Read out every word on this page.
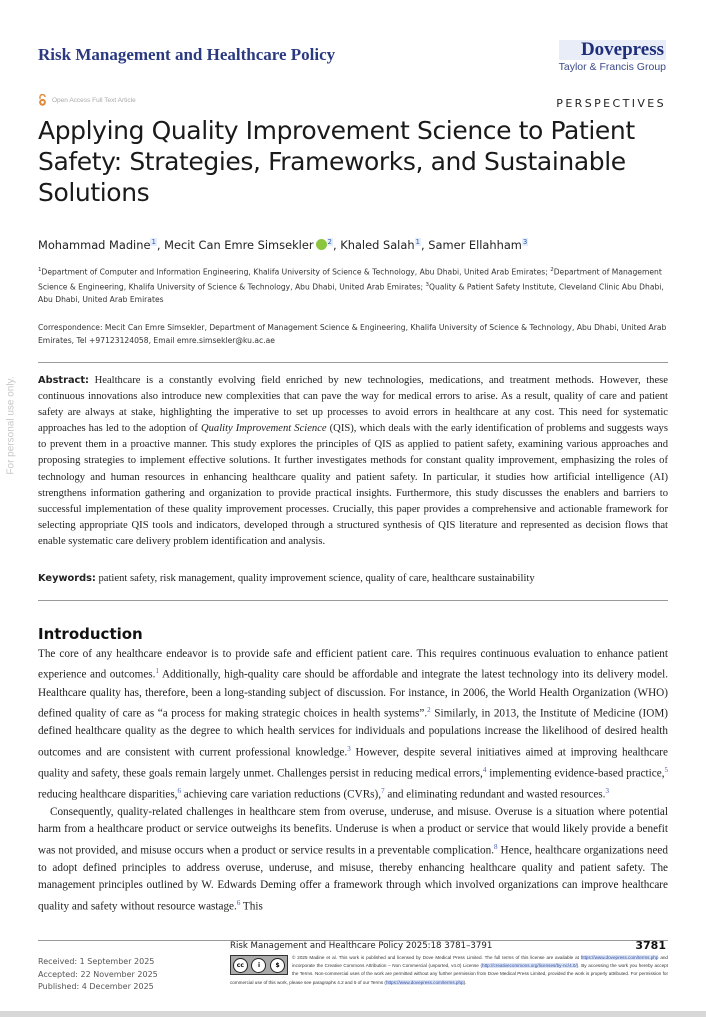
For personal use only.
Risk Management and Healthcare Policy	Dovepress
Taylor & Francis Group
Open Access Full Text Article	PERSPECTIVES
Applying Quality Improvement Science to Patient Safety: Strategies, Frameworks, and Sustainable Solutions
Mohammad Madine$^1$, Mecit Can Emre Simsekler $^2$, Khaled Salah$^1$, Samer Ellahham$^3$
$^1$Department of Computer and Information Engineering, Khalifa University of Science & Technology, Abu Dhabi, United Arab Emirates; $^2$Department of Management Science & Engineering, Khalifa University of Science & Technology, Abu Dhabi, United Arab Emirates; $^3$Quality & Patient Safety Institute, Cleveland Clinic Abu Dhabi, Abu Dhabi, United Arab Emirates
Correspondence: Mecit Can Emre Simsekler, Department of Management Science & Engineering, Khalifa University of Science & Technology, Abu Dhabi, United Arab Emirates, Tel +97123124058, Email emre.simsekler@ku.ac.ae
Abstract: Healthcare is a constantly evolving field enriched by new technologies, medications, and treatment methods. However, these continuous innovations also introduce new complexities that can pave the way for medical errors to arise. As a result, quality of care and patient safety are always at stake, highlighting the imperative to set up processes to avoid errors in healthcare at any cost. This need for systematic approaches has led to the adoption of Quality Improvement Science (QIS), which deals with the early identification of problems and suggests ways to prevent them in a proactive manner. This study explores the principles of QIS as applied to patient safety, examining various approaches and proposing strategies to implement effective solutions. It further investigates methods for constant quality improvement, emphasizing the roles of technology and human resources in enhancing healthcare quality and patient safety. In particular, it studies how artificial intelligence (AI) strengthens information gathering and organization to provide practical insights. Furthermore, this study discusses the enablers and barriers to successful implementation of these quality improvement processes. Crucially, this paper provides a comprehensive and actionable framework for selecting appropriate QIS tools and indicators, developed through a structured synthesis of QIS literature and represented as decision flows that enable systematic care delivery problem identification and analysis.
Keywords: patient safety, risk management, quality improvement science, quality of care, healthcare sustainability
Introduction

The core of any healthcare endeavor is to provide safe and efficient patient care. This requires continuous evaluation to enhance patient experience and outcomes.$^1$ Additionally, high-quality care should be affordable and integrate the latest technology into its delivery model. Healthcare quality has, therefore, been a long-standing subject of discussion. For instance, in 2006, the World Health Organization (WHO) defined quality of care as “a process for making strategic choices in health systems”.$^2$ Similarly, in 2013, the Institute of Medicine (IOM) defined healthcare quality as the degree to which health services for individuals and populations increase the likelihood of desired health outcomes and are consistent with current professional knowledge.$^3$ However, despite several initiatives aimed at improving healthcare quality and safety, these goals remain largely unmet. Challenges persist in reducing medical errors,$^4$ implementing evidence-based practice,$^5$ reducing healthcare disparities,$^6$ achieving care variation reductions (CVRs),$^7$ and eliminating redundant and wasted resources.$^3$

Consequently, quality-related challenges in healthcare stem from overuse, underuse, and misuse. Overuse is a situation where potential harm from a healthcare product or service outweighs its benefits. Underuse is when a product or service that would likely provide a benefit was not provided, and misuse occurs when a product or service results in a preventable complication.$^8$ Hence, healthcare organizations need to adopt defined principles to address overuse, underuse, and misuse, thereby enhancing healthcare quality and patient safety. The management principles outlined by W. Edwards Deming offer a framework through which involved organizations can improve healthcare quality and safety without resource wastage.$^6$ This

Received: 1 September 2025
Accepted: 22 November 2025
Published: 4 December 2025
Risk Management and Healthcare Policy 2025:18 3781–3791	3781
cc	i	$
© 2025 Madine et al. This work is published and licensed by Dove Medical Press Limited. The full terms of this license are available at https://www.dovepress.com/terms.php and incorporate the Creative Commons Attribution – Non Commercial (unported, v4.0) License (http://creativecommons.org/licenses/by-nc/4.0/). By accessing the work you hereby accept the Terms. Non-commercial uses of the work are permitted without any further permission from Dove Medical Press Limited, provided the work is properly attributed. For permission for commercial use of this work, please see paragraphs 4.2 and 5 of our Terms (https://www.dovepress.com/terms.php).
